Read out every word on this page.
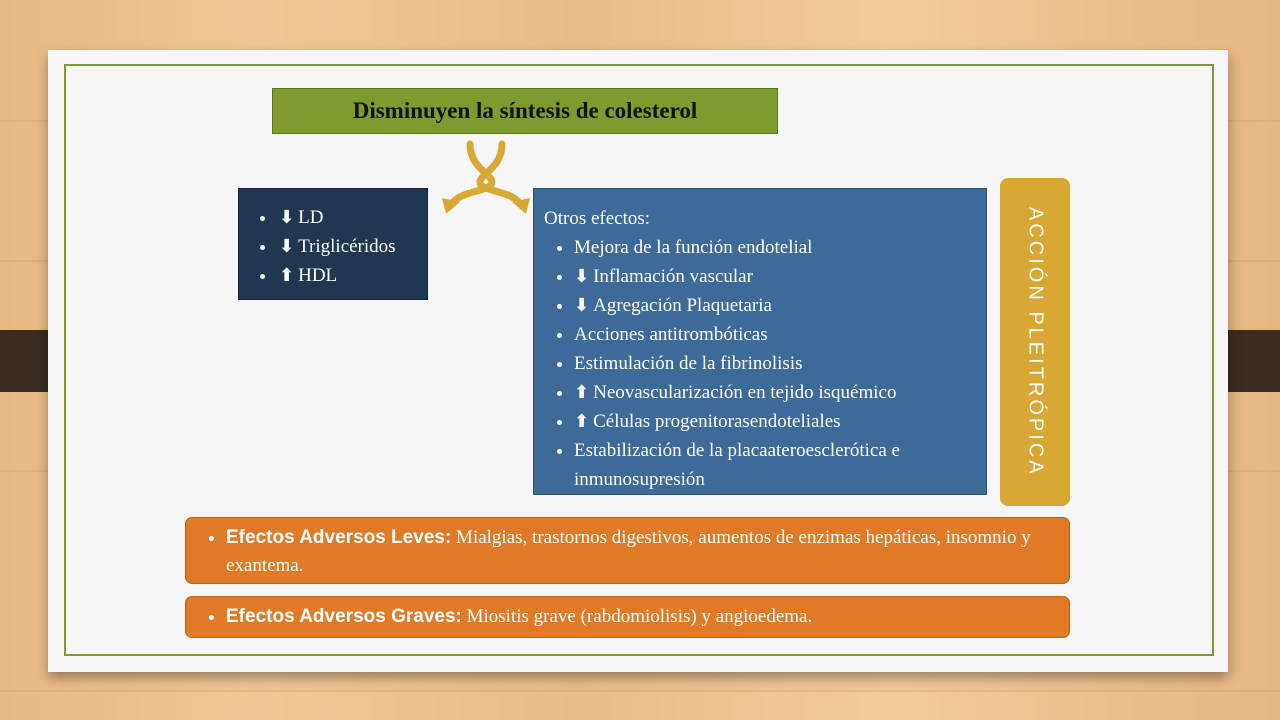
Disminuyen la síntesis de colesterol
• ⬇ LD
• ⬇ Triglicéridos
• ⬆ HDL
Otros efectos:
• Mejora de la función endotelial
• ⬇ Inflamación vascular
• ⬇ Agregación Plaquetaria
• Acciones antitrombóticas
• Estimulación de la fibrinolisis
• ⬆ Neovascularización en tejido isquémico
• ⬆ Células progenitorasendoteliales
• Estabilización de la placaateroesclerótica e inmunosupresión
ACCIÓN PLEITRÓPICA
• Efectos Adversos Leves: Mialgias, trastornos digestivos, aumentos de enzimas hepáticas, insomnio y exantema.
• Efectos Adversos Graves: Miositis grave (rabdomiolisis) y angioedema.
